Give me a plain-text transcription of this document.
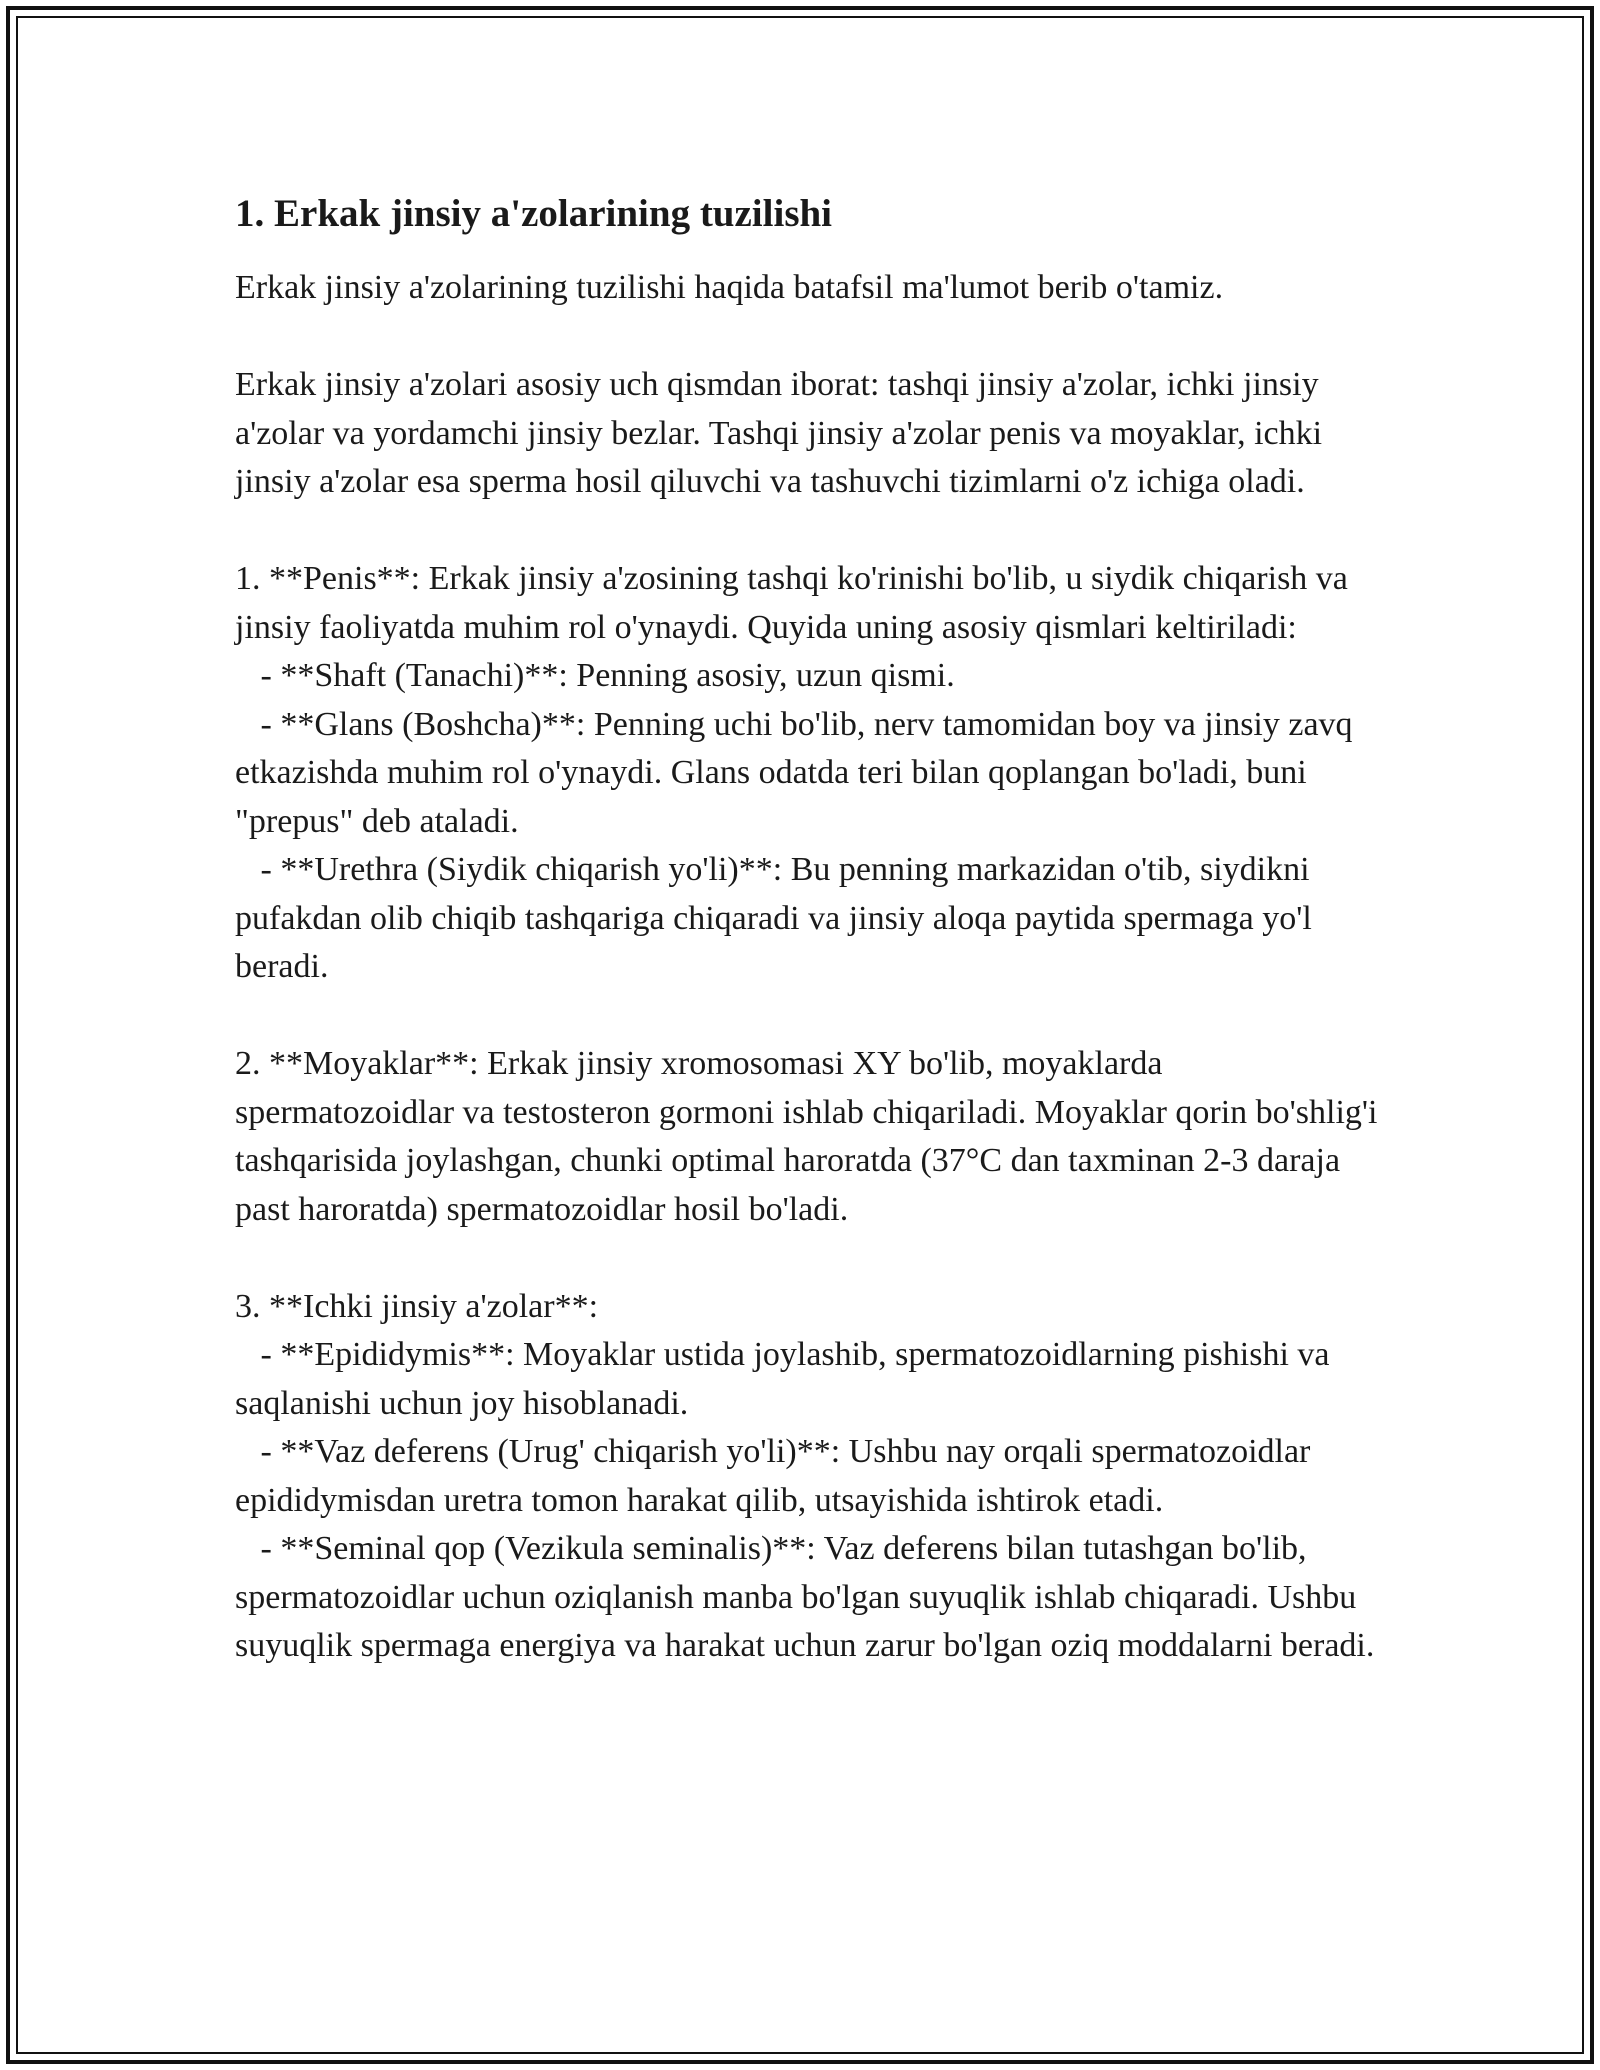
1. Erkak jinsiy a'zolarining tuzilishi

Erkak jinsiy a'zolarining tuzilishi haqida batafsil ma'lumot berib o'tamiz.

Erkak jinsiy a'zolari asosiy uch qismdan iborat: tashqi jinsiy a'zolar, ichki jinsiy a'zolar va yordamchi jinsiy bezlar. Tashqi jinsiy a'zolar penis va moyaklar, ichki jinsiy a'zolar esa sperma hosil qiluvchi va tashuvchi tizimlarni o'z ichiga oladi.

1. **Penis**: Erkak jinsiy a'zosining tashqi ko'rinishi bo'lib, u siydik chiqarish va jinsiy faoliyatda muhim rol o'ynaydi. Quyida uning asosiy qismlari keltiriladi:
- **Shaft (Tanachi)**: Penning asosiy, uzun qismi.
- **Glans (Boshcha)**: Penning uchi bo'lib, nerv tamomidan boy va jinsiy zavq etkazishda muhim rol o'ynaydi. Glans odatda teri bilan qoplangan bo'ladi, buni "prepus" deb ataladi.
- **Urethra (Siydik chiqarish yo'li)**: Bu penning markazidan o'tib, siydikni pufakdan olib chiqib tashqariga chiqaradi va jinsiy aloqa paytida spermaga yo'l beradi.

2. **Moyaklar**: Erkak jinsiy xromosomasi XY bo'lib, moyaklarda spermatozoidlar va testosteron gormoni ishlab chiqariladi. Moyaklar qorin bo'shlig'i tashqarisida joylashgan, chunki optimal haroratda (37°C dan taxminan 2-3 daraja past haroratda) spermatozoidlar hosil bo'ladi.

3. **Ichki jinsiy a'zolar**:
- **Epididymis**: Moyaklar ustida joylashib, spermatozoidlarning pishishi va saqlanishi uchun joy hisoblanadi.
- **Vaz deferens (Urug' chiqarish yo'li)**: Ushbu nay orqali spermatozoidlar epididymisdan uretra tomon harakat qilib, utsayishida ishtirok etadi.
- **Seminal qop (Vezikula seminalis)**: Vaz deferens bilan tutashgan bo'lib, spermatozoidlar uchun oziqlanish manba bo'lgan suyuqlik ishlab chiqaradi. Ushbu suyuqlik spermaga energiya va harakat uchun zarur bo'lgan oziq moddalarni beradi.
